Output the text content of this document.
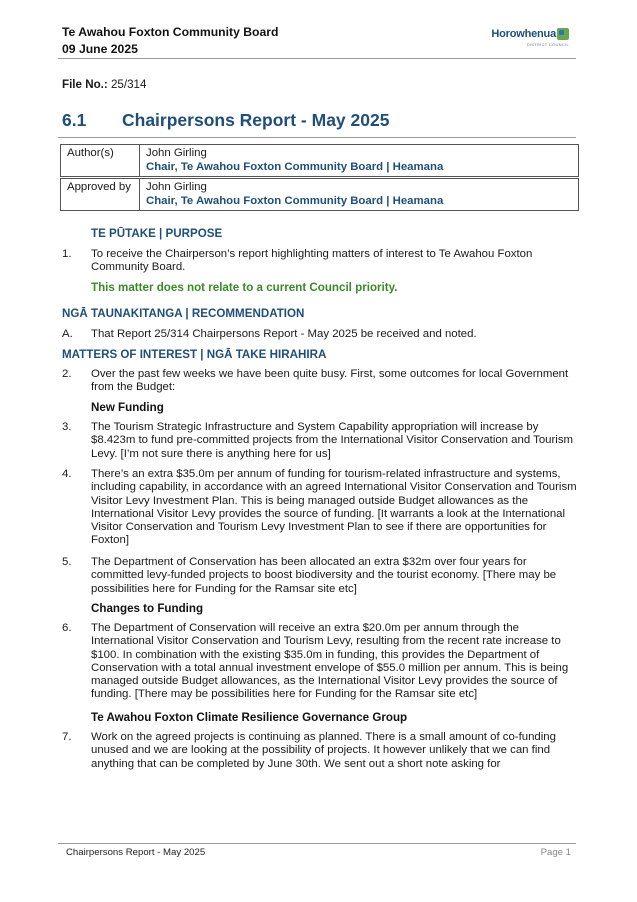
Te Awahou Foxton Community Board
09 June 2025
Horowhenua
DISTRICT COUNCIL
File No.: 25/314
6.1 Chairpersons Report - May 2025
Author(s)	John Girling
Chair, Te Awahou Foxton Community Board | Heamana
Approved by	John Girling
Chair, Te Awahou Foxton Community Board | Heamana
TE PŪTAKE | PURPOSE
1. To receive the Chairperson’s report highlighting matters of interest to Te Awahou Foxton Community Board.
This matter does not relate to a current Council priority.
NGĀ TAUNAKITANGA | RECOMMENDATION
A. That Report 25/314 Chairpersons Report - May 2025 be received and noted.
MATTERS OF INTEREST | NGĀ TAKE HIRAHIRA
2. Over the past few weeks we have been quite busy. First, some outcomes for local Government from the Budget:
New Funding
3. The Tourism Strategic Infrastructure and System Capability appropriation will increase by $8.423m to fund pre-committed projects from the International Visitor Conservation and Tourism Levy. [I’m not sure there is anything here for us]
4. There’s an extra $35.0m per annum of funding for tourism-related infrastructure and systems, including capability, in accordance with an agreed International Visitor Conservation and Tourism Visitor Levy Investment Plan. This is being managed outside Budget allowances as the International Visitor Levy provides the source of funding. [It warrants a look at the International Visitor Conservation and Tourism Levy Investment Plan to see if there are opportunities for Foxton]
5. The Department of Conservation has been allocated an extra $32m over four years for committed levy-funded projects to boost biodiversity and the tourist economy. [There may be possibilities here for Funding for the Ramsar site etc]
Changes to Funding
6. The Department of Conservation will receive an extra $20.0m per annum through the International Visitor Conservation and Tourism Levy, resulting from the recent rate increase to $100. In combination with the existing $35.0m in funding, this provides the Department of Conservation with a total annual investment envelope of $55.0 million per annum. This is being managed outside Budget allowances, as the International Visitor Levy provides the source of funding. [There may be possibilities here for Funding for the Ramsar site etc]
Te Awahou Foxton Climate Resilience Governance Group
7. Work on the agreed projects is continuing as planned. There is a small amount of co-funding unused and we are looking at the possibility of projects. It however unlikely that we can find anything that can be completed by June 30th. We sent out a short note asking for
Chairpersons Report - May 2025	Page 1
